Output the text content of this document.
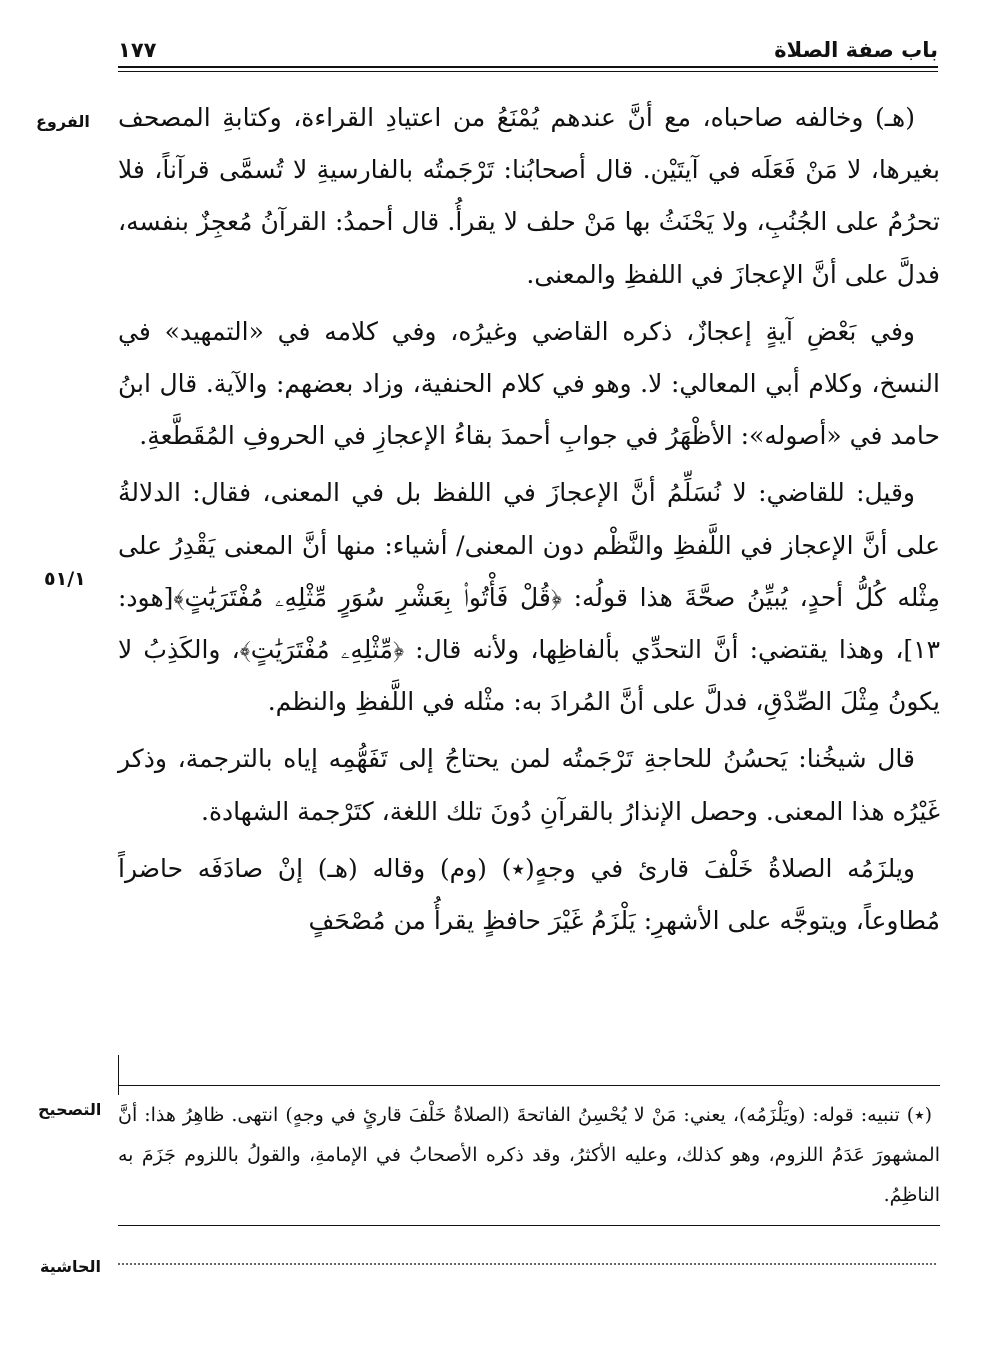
١٧٧	باب صفة الصلاة
الفروع
٥١/١
التصحيح
الحاشية

(هـ) وخالفه صاحباه، مع أنَّ عندهم يُمْنَعُ من اعتيادِ القراءة، وكتابةِ المصحف بغيرها، لا مَنْ فَعَلَه في آيتَيْن. قال أصحابُنا: تَرْجَمتُه بالفارسيةِ لا تُسمَّى قرآناً، فلا تحرُمُ على الجُنُبِ، ولا يَحْنَثُ بها مَنْ حلف لا يقرأُ. قال أحمدُ: القرآنُ مُعجِزٌ بنفسه، فدلَّ على أنَّ الإعجازَ في اللفظِ والمعنى.

وفي بَعْضِ آيةٍ إعجازٌ، ذكره القاضي وغيرُه، وفي كلامه في «التمهيد» في النسخ، وكلام أبي المعالي: لا. وهو في كلام الحنفية، وزاد بعضهم: والآية. قال ابنُ حامد في «أصوله»: الأظْهَرُ في جوابِ أحمدَ بقاءُ الإعجازِ في الحروفِ المُقَطَّعةِ.

وقيل: للقاضي: لا نُسَلِّمُ أنَّ الإعجازَ في اللفظ بل في المعنى، فقال: الدلالةُ على أنَّ الإعجاز في اللَّفظِ والنَّظْم دون المعنى/ أشياء: منها أنَّ المعنى يَقْدِرُ على مِثْله كُلُّ أحدٍ، يُبيِّنُ صحَّةَ هذا قولُه: ﴿قُلْ فَأْتُوا۟ بِعَشْرِ سُوَرٍ مِّثْلِهِۦ مُفْتَرَيَٰتٍ﴾[هود: ١٣]، وهذا يقتضي: أنَّ التحدِّي بألفاظِها، ولأنه قال: ﴿مِّثْلِهِۦ مُفْتَرَيَٰتٍ﴾، والكَذِبُ لا يكونُ مِثْلَ الصِّدْقِ، فدلَّ على أنَّ المُرادَ به: مثْله في اللَّفظِ والنظم.

قال شيخُنا: يَحسُنُ للحاجةِ تَرْجَمتُه لمن يحتاجُ إلى تَفَهُّمِه إياه بالترجمة، وذكر غَيْرُه هذا المعنى. وحصل الإنذارُ بالقرآنِ دُونَ تلك اللغة، كتَرْجمة الشهادة.

ويلزَمُه الصلاةُ خَلْفَ قارئ في وجهٍ(٭) (وم) وقاله (هـ) إنْ صادَفَه حاضراً مُطاوعاً، ويتوجَّه على الأشهرِ: يَلْزَمُ غَيْرَ حافظٍ يقرأُ من مُصْحَفٍ

(٭) تنبيه: قوله: (ويَلْزَمُه)، يعني: مَنْ لا يُحْسِنُ الفاتحةَ (الصلاةُ خَلْفَ قارئٍ في وجهٍ) انتهى. ظاهِرُ هذا: أنَّ المشهورَ عَدَمُ اللزوم، وهو كذلك، وعليه الأكثرُ، وقد ذكره الأصحابُ في الإمامةِ، والقولُ باللزوم جَزَمَ به الناظِمُ.
